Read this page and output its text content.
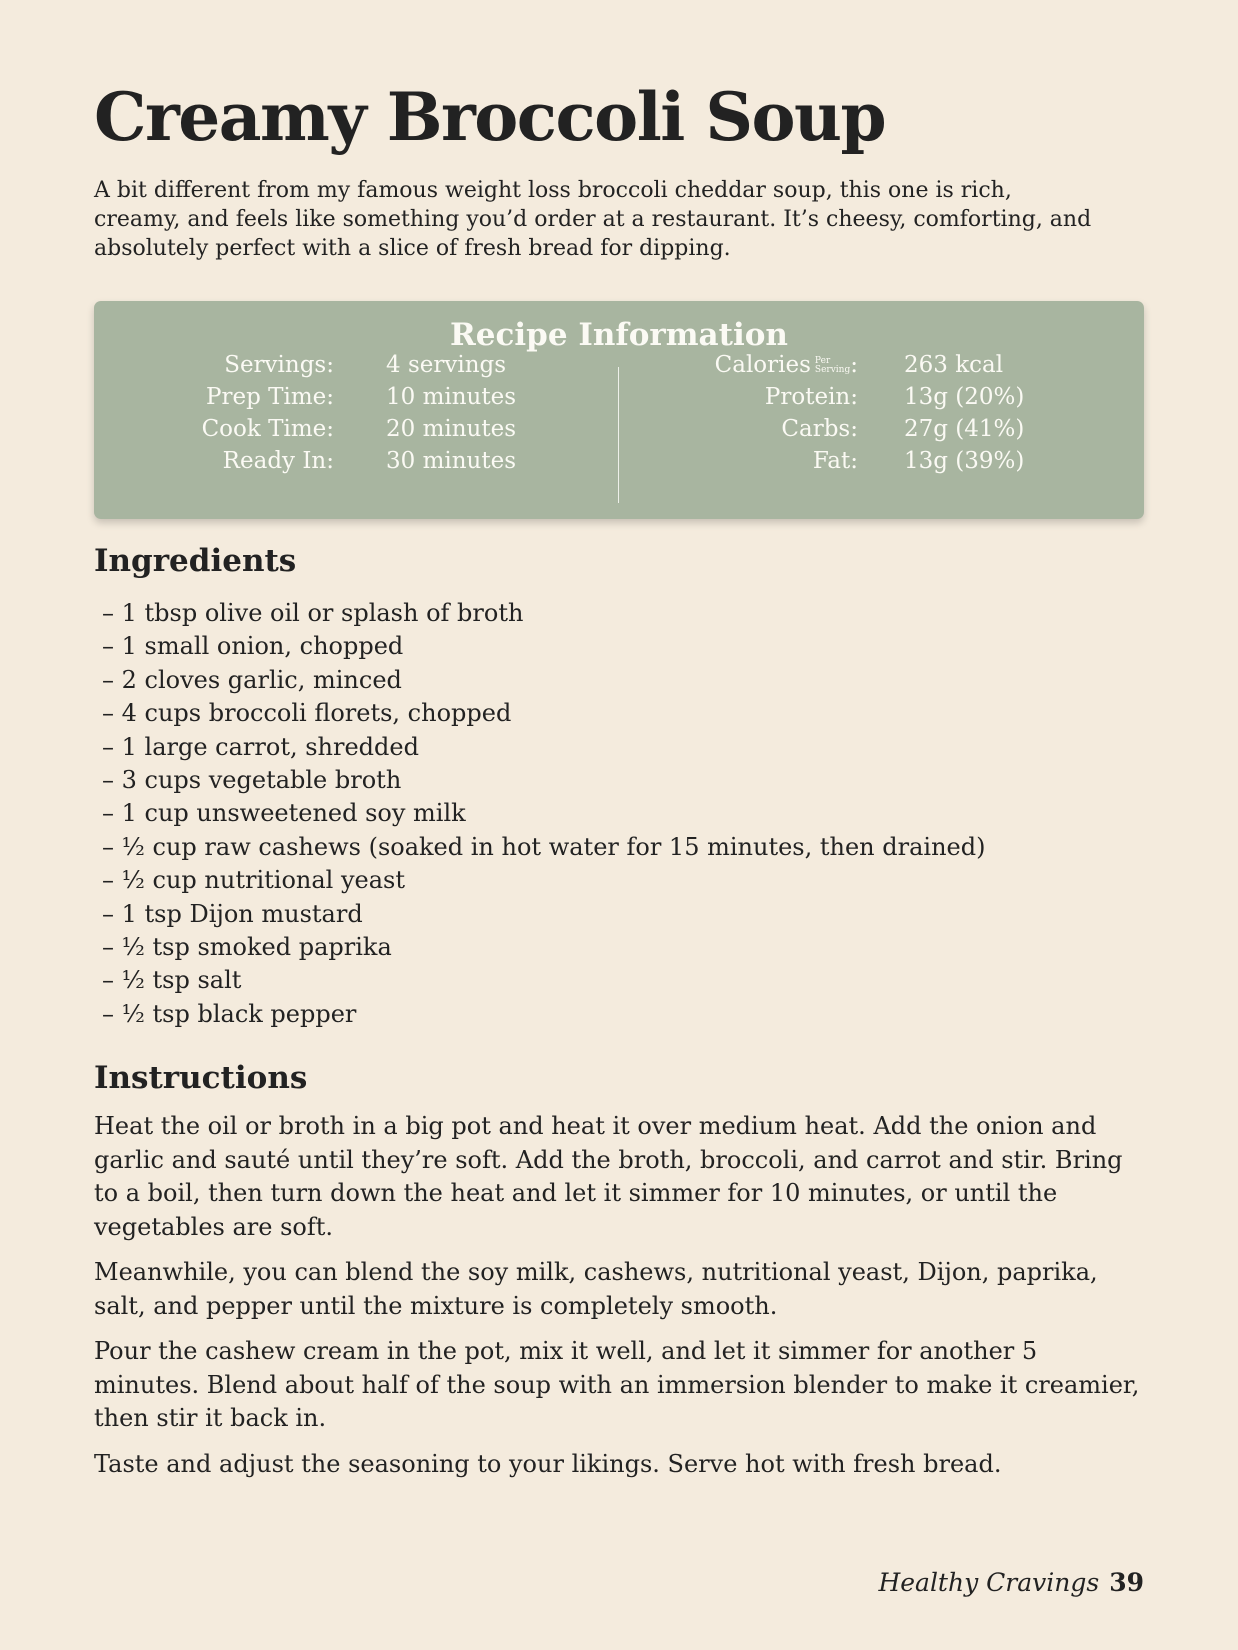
Creamy Broccoli Soup

A bit different from my famous weight loss broccoli cheddar soup, this one is rich, creamy, and feels like something you’d order at a restaurant. It’s cheesy, comforting, and absolutely perfect with a slice of fresh bread for dipping.

Recipe Information
Servings: 4 servings
Prep Time: 10 minutes
Cook Time: 20 minutes
Ready In: 30 minutes
Calories Per
Serving: 263 kcal
Protein: 13g (20%)
Carbs: 27g (41%)
Fat: 13g (39%)
Ingredients
– 1 tbsp olive oil or splash of broth
– 1 small onion, chopped
– 2 cloves garlic, minced
– 4 cups broccoli florets, chopped
– 1 large carrot, shredded
– 3 cups vegetable broth
– 1 cup unsweetened soy milk
– ½ cup raw cashews (soaked in hot water for 15 minutes, then drained)
– ½ cup nutritional yeast
– 1 tsp Dijon mustard
– ½ tsp smoked paprika
– ½ tsp salt
– ½ tsp black pepper
Instructions

Heat the oil or broth in a big pot and heat it over medium heat. Add the onion and garlic and sauté until they’re soft. Add the broth, broccoli, and carrot and stir. Bring to a boil, then turn down the heat and let it simmer for 10 minutes, or until the vegetables are soft.

Meanwhile, you can blend the soy milk, cashews, nutritional yeast, Dijon, paprika, salt, and pepper until the mixture is completely smooth.

Pour the cashew cream in the pot, mix it well, and let it simmer for another 5 minutes. Blend about half of the soup with an immersion blender to make it creamier, then stir it back in.

Taste and adjust the seasoning to your likings. Serve hot with fresh bread.

Healthy Cravings 39
